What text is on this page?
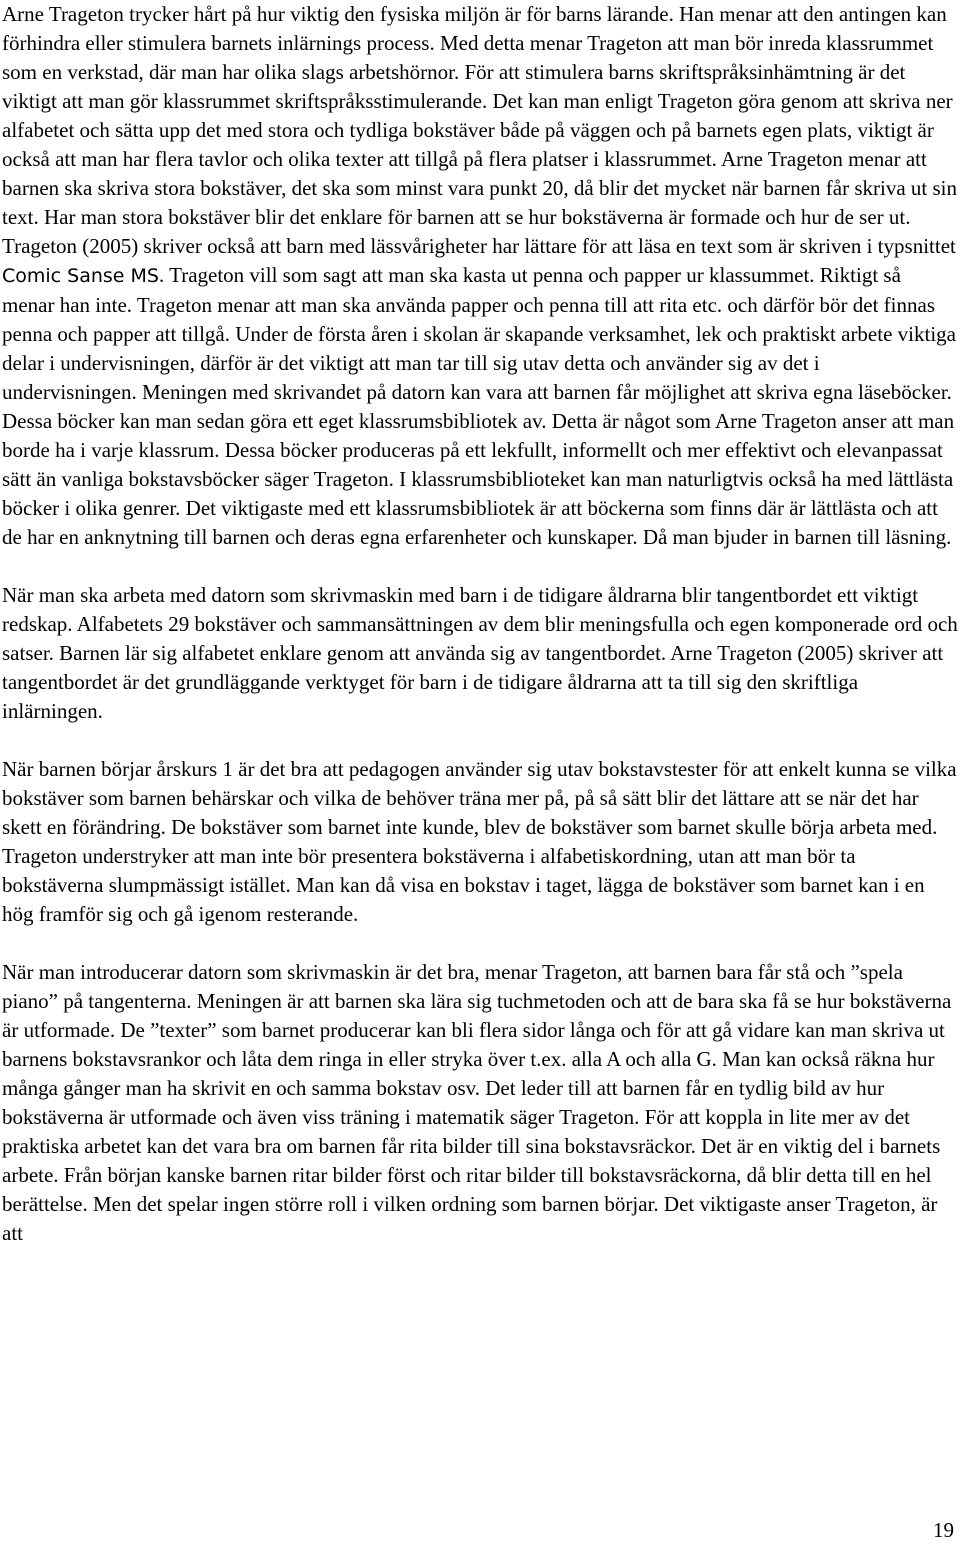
Arne Trageton trycker hårt på hur viktig den fysiska miljön är för barns lärande. Han menar att den antingen kan förhindra eller stimulera barnets inlärnings process. Med detta menar Trageton att man bör inreda klassrummet som en verkstad, där man har olika slags arbetshörnor. För att stimulera barns skriftspråksinhämtning är det viktigt att man gör klassrummet skriftspråksstimulerande. Det kan man enligt Trageton göra genom att skriva ner alfabetet och sätta upp det med stora och tydliga bokstäver både på väggen och på barnets egen plats, viktigt är också att man har flera tavlor och olika texter att tillgå på flera platser i klassrummet. Arne Trageton menar att barnen ska skriva stora bokstäver, det ska som minst vara punkt 20, då blir det mycket när barnen får skriva ut sin text. Har man stora bokstäver blir det enklare för barnen att se hur bokstäverna är formade och hur de ser ut. Trageton (2005) skriver också att barn med lässvårigheter har lättare för att läsa en text som är skriven i typsnittet Comic Sanse MS. Trageton vill som sagt att man ska kasta ut penna och papper ur klassummet. Riktigt så menar han inte. Trageton menar att man ska använda papper och penna till att rita etc. och därför bör det finnas penna och papper att tillgå. Under de första åren i skolan är skapande verksamhet, lek och praktiskt arbete viktiga delar i undervisningen, därför är det viktigt att man tar till sig utav detta och använder sig av det i undervisningen. Meningen med skrivandet på datorn kan vara att barnen får möjlighet att skriva egna läseböcker. Dessa böcker kan man sedan göra ett eget klassrumsbibliotek av. Detta är något som Arne Trageton anser att man borde ha i varje klassrum. Dessa böcker produceras på ett lekfullt, informellt och mer effektivt och elevanpassat sätt än vanliga bokstavsböcker säger Trageton. I klassrumsbiblioteket kan man naturligtvis också ha med lättlästa böcker i olika genrer. Det viktigaste med ett klassrumsbibliotek är att böckerna som finns där är lättlästa och att de har en anknytning till barnen och deras egna erfarenheter och kunskaper. Då man bjuder in barnen till läsning.

När man ska arbeta med datorn som skrivmaskin med barn i de tidigare åldrarna blir tangentbordet ett viktigt redskap. Alfabetets 29 bokstäver och sammansättningen av dem blir meningsfulla och egen komponerade ord och satser. Barnen lär sig alfabetet enklare genom att använda sig av tangentbordet. Arne Trageton (2005) skriver att tangentbordet är det grundläggande verktyget för barn i de tidigare åldrarna att ta till sig den skriftliga inlärningen.

När barnen börjar årskurs 1 är det bra att pedagogen använder sig utav bokstavstester för att enkelt kunna se vilka bokstäver som barnen behärskar och vilka de behöver träna mer på, på så sätt blir det lättare att se när det har skett en förändring. De bokstäver som barnet inte kunde, blev de bokstäver som barnet skulle börja arbeta med. Trageton understryker att man inte bör presentera bokstäverna i alfabetiskordning, utan att man bör ta bokstäverna slumpmässigt istället. Man kan då visa en bokstav i taget, lägga de bokstäver som barnet kan i en hög framför sig och gå igenom resterande.

När man introducerar datorn som skrivmaskin är det bra, menar Trageton, att barnen bara får stå och ”spela piano” på tangenterna. Meningen är att barnen ska lära sig tuchmetoden och att de bara ska få se hur bokstäverna är utformade. De ”texter” som barnet producerar kan bli flera sidor långa och för att gå vidare kan man skriva ut barnens bokstavsrankor och låta dem ringa in eller stryka över t.ex. alla A och alla G. Man kan också räkna hur många gånger man ha skrivit en och samma bokstav osv. Det leder till att barnen får en tydlig bild av hur bokstäverna är utformade och även viss träning i matematik säger Trageton. För att koppla in lite mer av det praktiska arbetet kan det vara bra om barnen får rita bilder till sina bokstavsräckor. Det är en viktig del i barnets arbete. Från början kanske barnen ritar bilder först och ritar bilder till bokstavsräckorna, då blir detta till en hel berättelse. Men det spelar ingen större roll i vilken ordning som barnen börjar. Det viktigaste anser Trageton, är att

19
